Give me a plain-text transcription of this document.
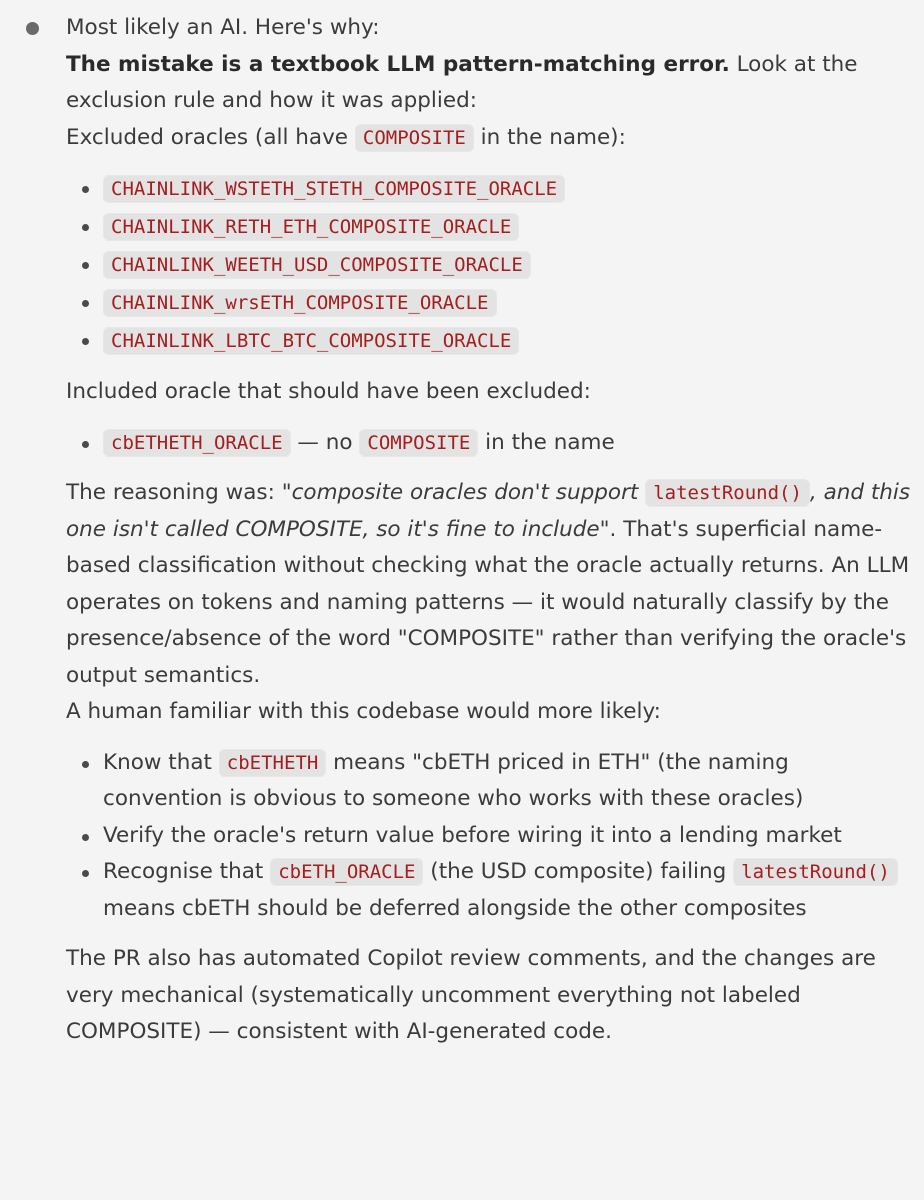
Most likely an AI. Here's why:

The mistake is a textbook LLM pattern-matching error. Look at the exclusion rule and how it was applied:

Excluded oracles (all have COMPOSITE in the name):

CHAINLINK_WSTETH_STETH_COMPOSITE_ORACLE
CHAINLINK_RETH_ETH_COMPOSITE_ORACLE
CHAINLINK_WEETH_USD_COMPOSITE_ORACLE
CHAINLINK_wrsETH_COMPOSITE_ORACLE
CHAINLINK_LBTC_BTC_COMPOSITE_ORACLE

Included oracle that should have been excluded:

cbETHETH_ORACLE — no COMPOSITE in the name

The reasoning was: "composite oracles don't support latestRound() , and this one isn't called COMPOSITE, so it's fine to include". That's superficial name-based classification without checking what the oracle actually returns. An LLM operates on tokens and naming patterns — it would naturally classify by the presence/absence of the word "COMPOSITE" rather than verifying the oracle's output semantics.

A human familiar with this codebase would more likely:

Know that cbETHETH means "cbETH priced in ETH" (the naming convention is obvious to someone who works with these oracles)
Verify the oracle's return value before wiring it into a lending market
Recognise that cbETH_ORACLE (the USD composite) failing latestRound() means cbETH should be deferred alongside the other composites

The PR also has automated Copilot review comments, and the changes are very mechanical (systematically uncomment everything not labeled COMPOSITE) — consistent with AI-generated code.
